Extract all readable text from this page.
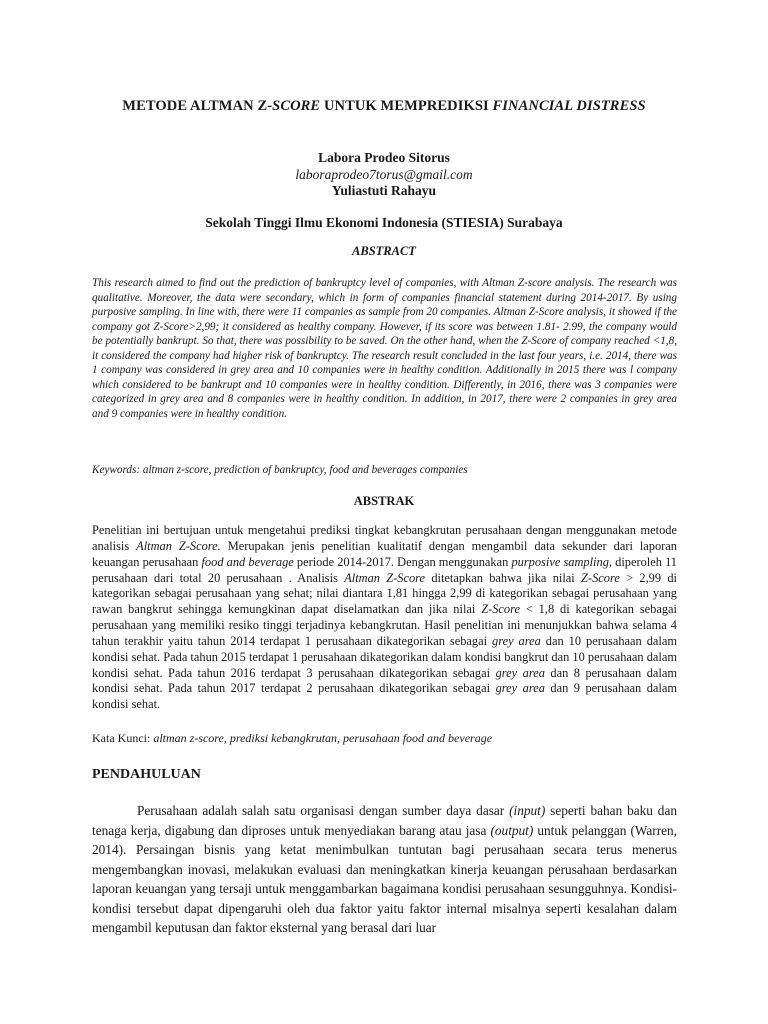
METODE ALTMAN Z-SCORE UNTUK MEMPREDIKSI FINANCIAL DISTRESS
Labora Prodeo Sitorus
laboraprodeo7torus@gmail.com
Yuliastuti Rahayu
Sekolah Tinggi Ilmu Ekonomi Indonesia (STIESIA) Surabaya
ABSTRACT
This research aimed to find out the prediction of bankruptcy level of companies, with Altman Z-score analysis. The research was qualitative. Moreover, the data were secondary, which in form of companies financial statement during 2014-2017. By using purposive sampling. In line with, there were 11 companies as sample from 20 companies. Altman Z-Score analysis, it showed if the company got Z-Score>2,99; it considered as healthy company. However, if its score was between 1.81- 2.99, the company would be potentially bankrupt. So that, there was possibility to be saved. On the other hand, when the Z-Score of company reached <1,8, it considered the company had higher risk of bankruptcy. The research result concluded in the last four years, i.e. 2014, there was 1 company was considered in grey area and 10 companies were in healthy condition. Additionally in 2015 there was l company which considered to be bankrupt and 10 companies were in healthy condition. Differently, in 2016, there was 3 companies were categorized in grey area and 8 companies were in healthy condition. In addition, in 2017, there were 2 companies in grey area and 9 companies were in healthy condition.
Keywords: altman z-score, prediction of bankruptcy, food and beverages companies
ABSTRAK
Penelitian ini bertujuan untuk mengetahui prediksi tingkat kebangkrutan perusahaan dengan menggunakan metode analisis Altman Z-Score. Merupakan jenis penelitian kualitatif dengan mengambil data sekunder dari laporan keuangan perusahaan food and beverage periode 2014-2017. Dengan menggunakan purposive sampling, diperoleh 11 perusahaan dari total 20 perusahaan . Analisis Altman Z-Score ditetapkan bahwa jika nilai Z-Score > 2,99 di kategorikan sebagai perusahaan yang sehat; nilai diantara 1,81 hingga 2,99 di kategorikan sebagai perusahaan yang rawan bangkrut sehingga kemungkinan dapat diselamatkan dan jika nilai Z-Score < 1,8 di kategorikan sebagai perusahaan yang memiliki resiko tinggi terjadinya kebangkrutan. Hasil penelitian ini menunjukkan bahwa selama 4 tahun terakhir yaitu tahun 2014 terdapat 1 perusahaan dikategorikan sebagai grey area dan 10 perusahaan dalam kondisi sehat. Pada tahun 2015 terdapat 1 perusahaan dikategorikan dalam kondisi bangkrut dan 10 perusahaan dalam kondisi sehat. Pada tahun 2016 terdapat 3 perusahaan dikategorikan sebagai grey area dan 8 perusahaan dalam kondisi sehat. Pada tahun 2017 terdapat 2 perusahaan dikategorikan sebagai grey area dan 9 perusahaan dalam kondisi sehat.
Kata Kunci: altman z-score, prediksi kebangkrutan, perusahaan food and beverage
PENDAHULUAN
Perusahaan adalah salah satu organisasi dengan sumber daya dasar (input) seperti bahan baku dan tenaga kerja, digabung dan diproses untuk menyediakan barang atau jasa (output) untuk pelanggan (Warren, 2014). Persaingan bisnis yang ketat menimbulkan tuntutan bagi perusahaan secara terus menerus mengembangkan inovasi, melakukan evaluasi dan meningkatkan kinerja keuangan perusahaan berdasarkan laporan keuangan yang tersaji untuk menggambarkan bagaimana kondisi perusahaan sesungguhnya. Kondisi-kondisi tersebut dapat dipengaruhi oleh dua faktor yaitu faktor internal misalnya seperti kesalahan dalam mengambil keputusan dan faktor eksternal yang berasal dari luar
